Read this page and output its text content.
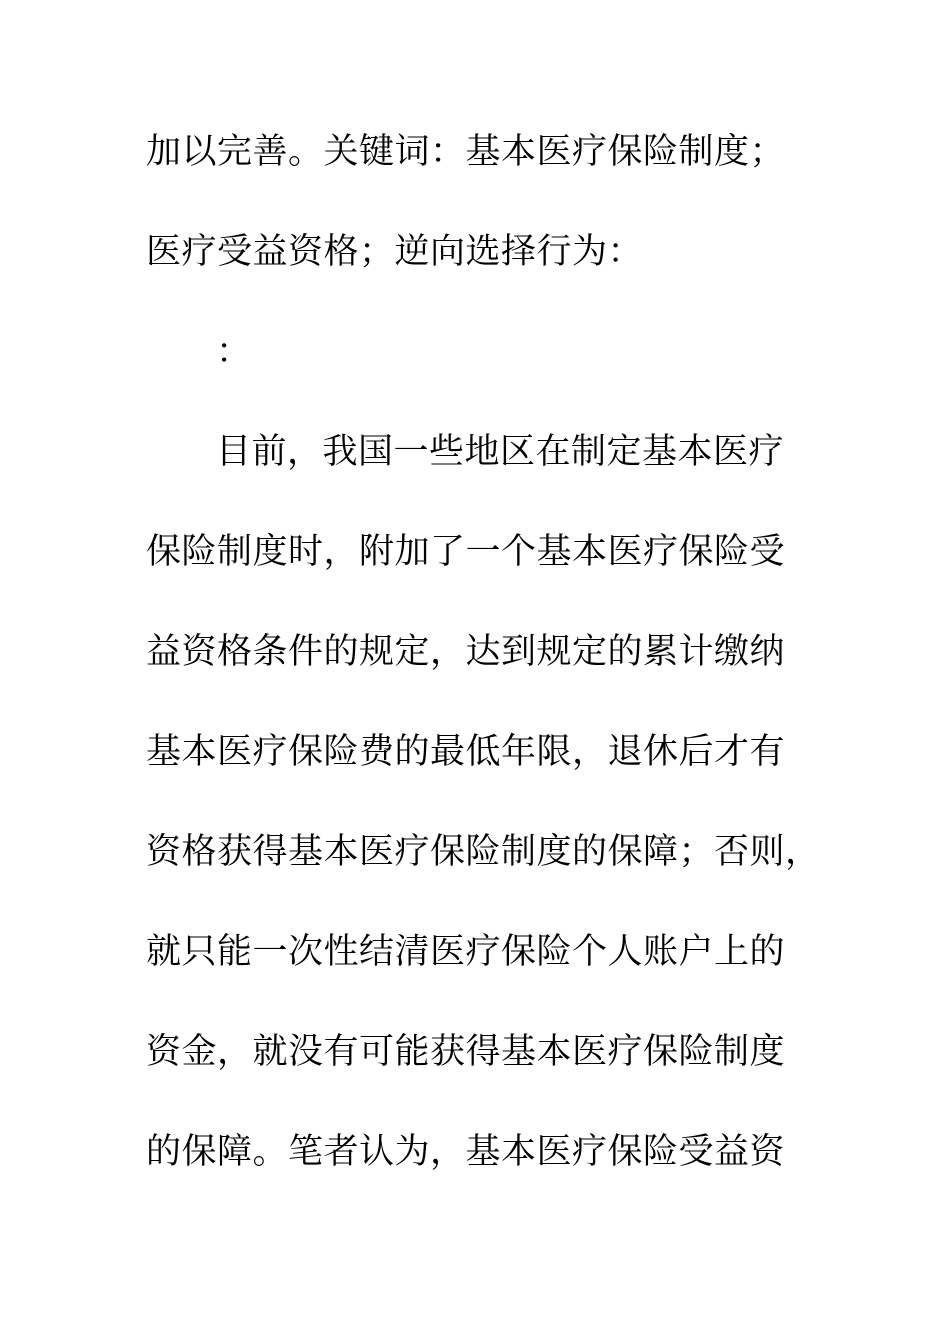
加以完善。关键词：基本医疗保险制度；
医疗受益资格；逆向选择行为：
：
目前，我国一些地区在制定基本医疗
保险制度时，附加了一个基本医疗保险受
益资格条件的规定，达到规定的累计缴纳
基本医疗保险费的最低年限，退休后才有
资格获得基本医疗保险制度的保障；否则，
就只能一次性结清医疗保险个人账户上的
资金，就没有可能获得基本医疗保险制度
的保障。笔者认为，基本医疗保险受益资
